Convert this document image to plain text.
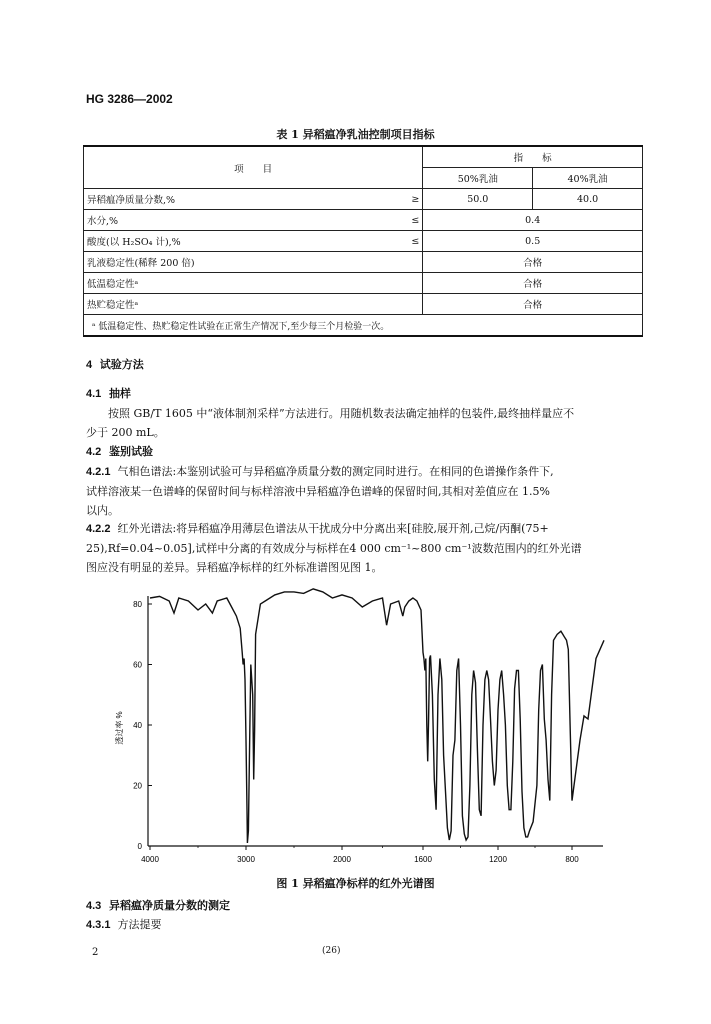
HG 3286—2002
表 1 异稻瘟净乳油控制项目指标
项　　目		指　　标	
		50%乳油	40%乳油
异稻瘟净质量分数,%	≥	50.0	40.0
水分,%	≤	0.4	
酸度(以 H₂SO₄ 计),%	≤	0.5	
乳液稳定性(稀释 200 倍)		合格	
低温稳定性ᵃ		合格	
热贮稳定性ᵃ		合格	
ᵃ 低温稳定性、热贮稳定性试验在正常生产情况下,至少每三个月检验一次。			
4 试验方法
4.1 抽样
按照 GB/T 1605 中“液体制剂采样”方法进行。用随机数表法确定抽样的包装件,最终抽样量应不
少于 200 mL。
4.2 鉴别试验
4.2.1 气相色谱法:本鉴别试验可与异稻瘟净质量分数的测定同时进行。在相同的色谱操作条件下,
试样溶液某一色谱峰的保留时间与标样溶液中异稻瘟净色谱峰的保留时间,其相对差值应在 1.5%
以内。
4.2.2 红外光谱法:将异稻瘟净用薄层色谱法从干扰成分中分离出来[硅胶,展开剂,己烷/丙酮(75+
25),Rf=0.04~0.05],试样中分离的有效成分与标样在4 000 cm⁻¹~800 cm⁻¹波数范围内的红外光谱
图应没有明显的差异。异稻瘟净标样的红外标准谱图见图 1。
0
20
40
60
80
4000	3000	2000	1600	1200	800
透过率 %
图 1 异稻瘟净标样的红外光谱图
4.3 异稻瘟净质量分数的测定
4.3.1 方法提要
2	(26)
